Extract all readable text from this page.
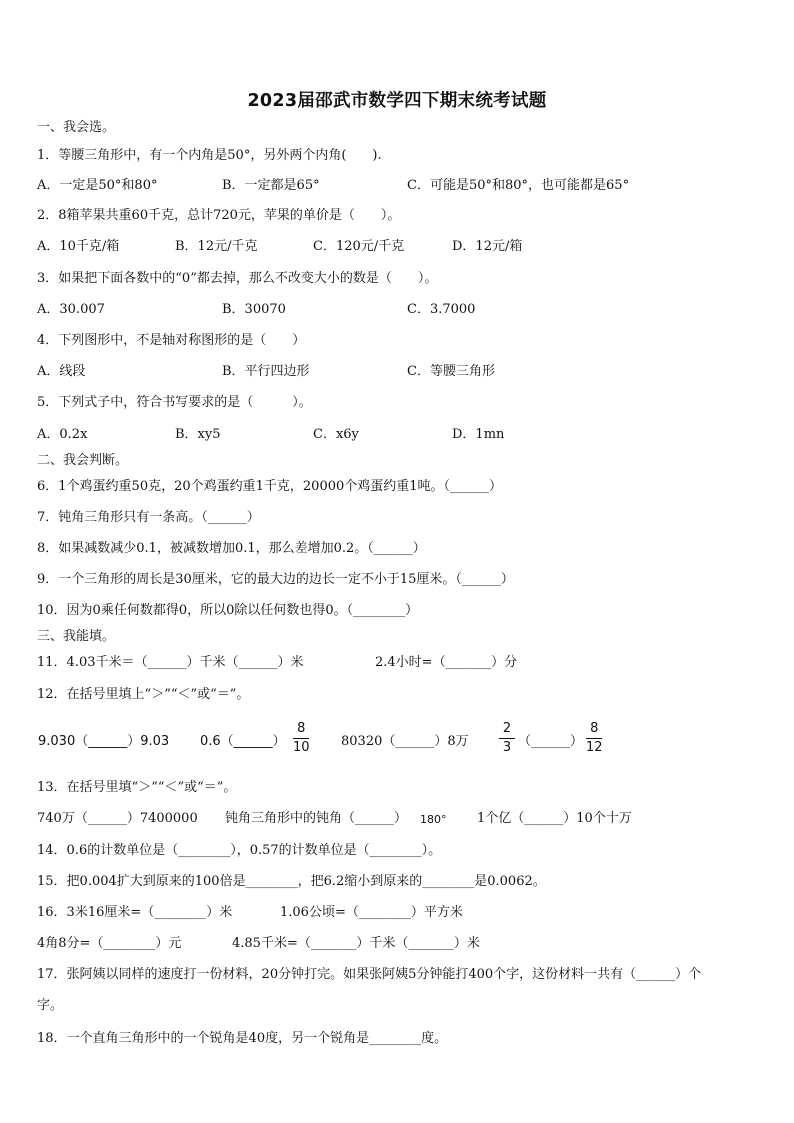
2023届邵武市数学四下期末统考试题
一、我会选。
1．等腰三角形中，有一个内角是50°，另外两个内角(　　).
A．一定是50°和80°	B．一定都是65°	C．可能是50°和80°，也可能都是65°
2．8箱苹果共重60千克，总计720元，苹果的单价是（　　）。
A．10千克/箱	B．12元/千克	C．120元/千克	D．12元/箱
3．如果把下面各数中的“0”都去掉，那么不改变大小的数是（　　）。
A．30.007	B．30070	C．3.7000
4．下列图形中，不是轴对称图形的是（　　）
A．线段	B．平行四边形	C．等腰三角形
5．下列式子中，符合书写要求的是（　　　）。
A．0.2x	B．xy5	C．x6y	D．1mn
二、我会判断。
6．1个鸡蛋约重50克，20个鸡蛋约重1千克，20000个鸡蛋约重1吨。（______）
7．钝角三角形只有一条高。（______）
8．如果减数减少0.1，被减数增加0.1，那么差增加0.2。（______）
9．一个三角形的周长是30厘米，它的最大边的边长一定不小于15厘米。（______）
10．因为0乘任何数都得0，所以0除以任何数也得0。（________）
三、我能填。
11．4.03千米＝（______）千米（______）米	2.4小时=（_______）分
12．在括号里填上“＞”“＜”或“＝”。
9.030（______）9.03 0.6（______）
8
10 80320（______）8万
2
3 （______）
8
12
13．在括号里填“＞”“＜”或“＝”。
740万（______）7400000 钝角三角形中的钝角（______） 180° 1个亿（______）10个十万
14．0.6的计数单位是（________），0.57的计数单位是（________）。
15．把0.004扩大到原来的100倍是________，把6.2缩小到原来的________是0.0062。
16．3米16厘米=（________）米	1.06公顷=（________）平方米
4角8分=（________）元	4.85千米=（_______）千米（_______）米
17．张阿姨以同样的速度打一份材料，20分钟打完。如果张阿姨5分钟能打400个字，这份材料一共有（______）个
字。
18．一个直角三角形中的一个锐角是40度，另一个锐角是________度。
